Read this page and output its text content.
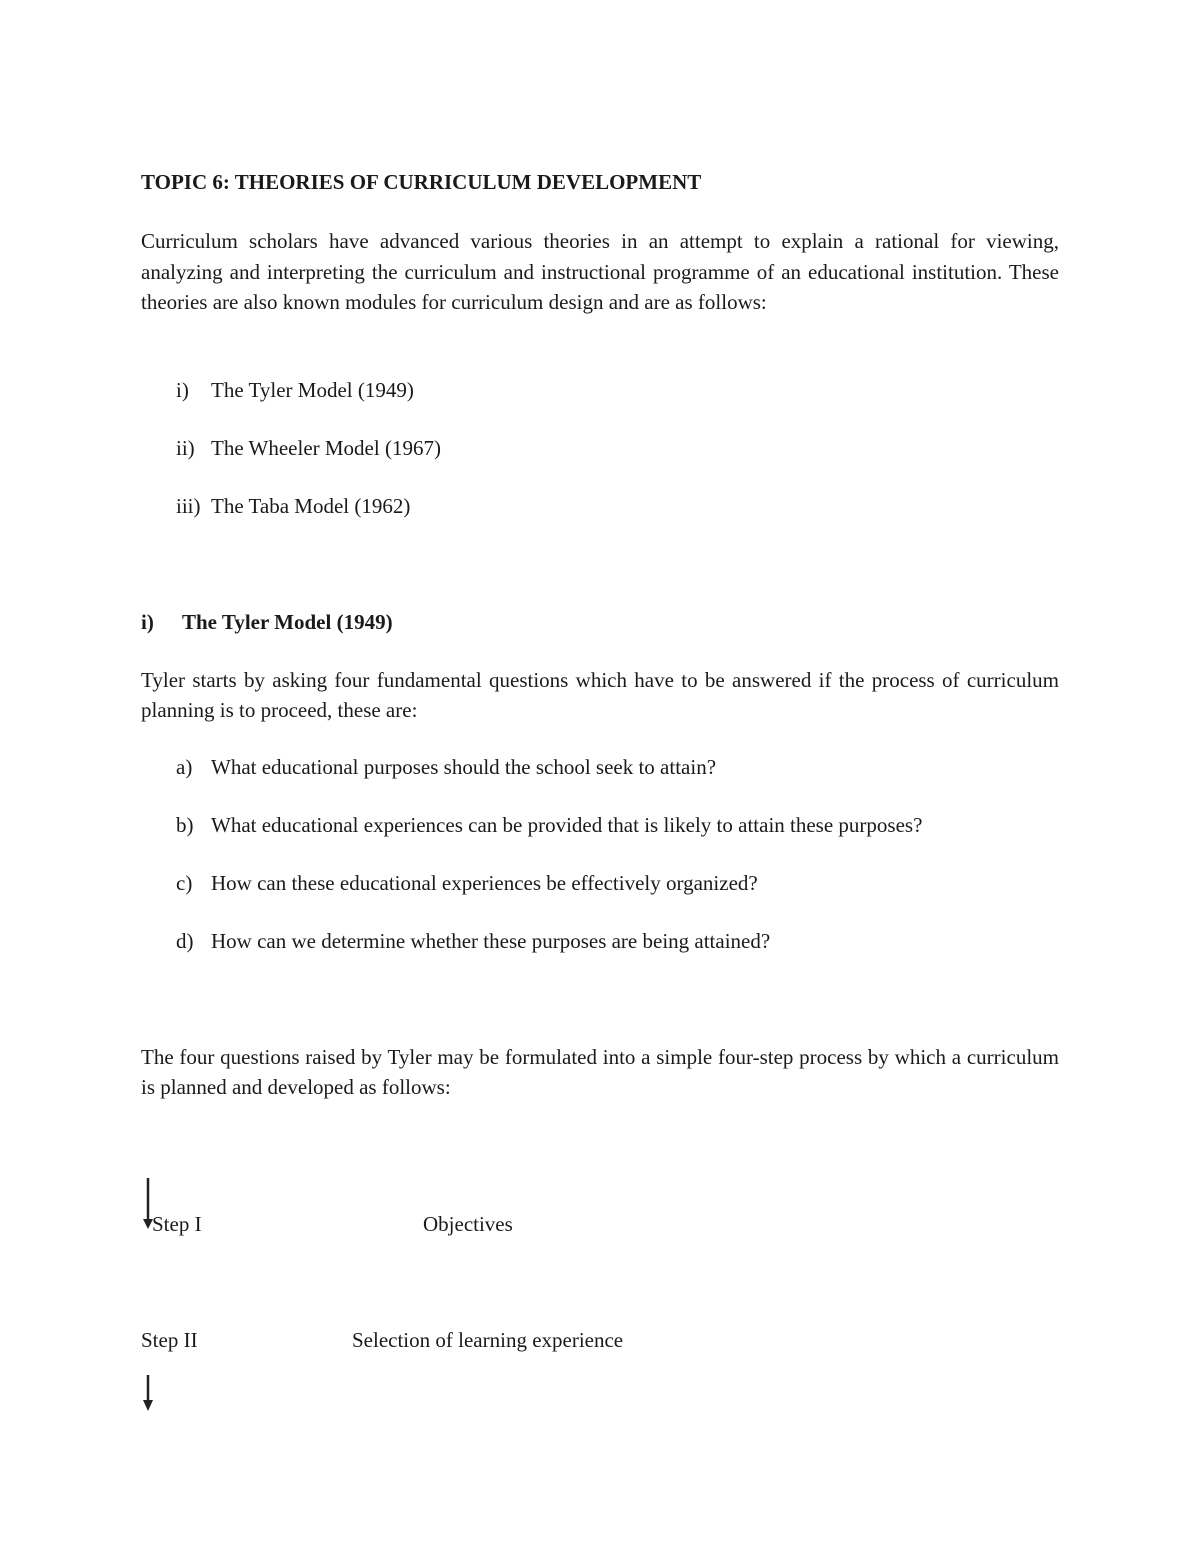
TOPIC 6: THEORIES OF CURRICULUM DEVELOPMENT
Curriculum scholars have advanced various theories in an attempt to explain a rational for viewing, analyzing and interpreting the curriculum and instructional programme of an educational institution. These theories are also known modules for curriculum design and are as follows:
i) The Tyler Model (1949)
ii) The Wheeler Model (1967)
iii) The Taba Model (1962)
i) The Tyler Model (1949)
Tyler starts by asking four fundamental questions which have to be answered if the process of curriculum planning is to proceed, these are:
a) What educational purposes should the school seek to attain?
b) What educational experiences can be provided that is likely to attain these purposes?
c) How can these educational experiences be effectively organized?
d) How can we determine whether these purposes are being attained?
The four questions raised by Tyler may be formulated into a simple four-step process by which a curriculum is planned and developed as follows:
Step I	Objectives
Step II	Selection of learning experience
